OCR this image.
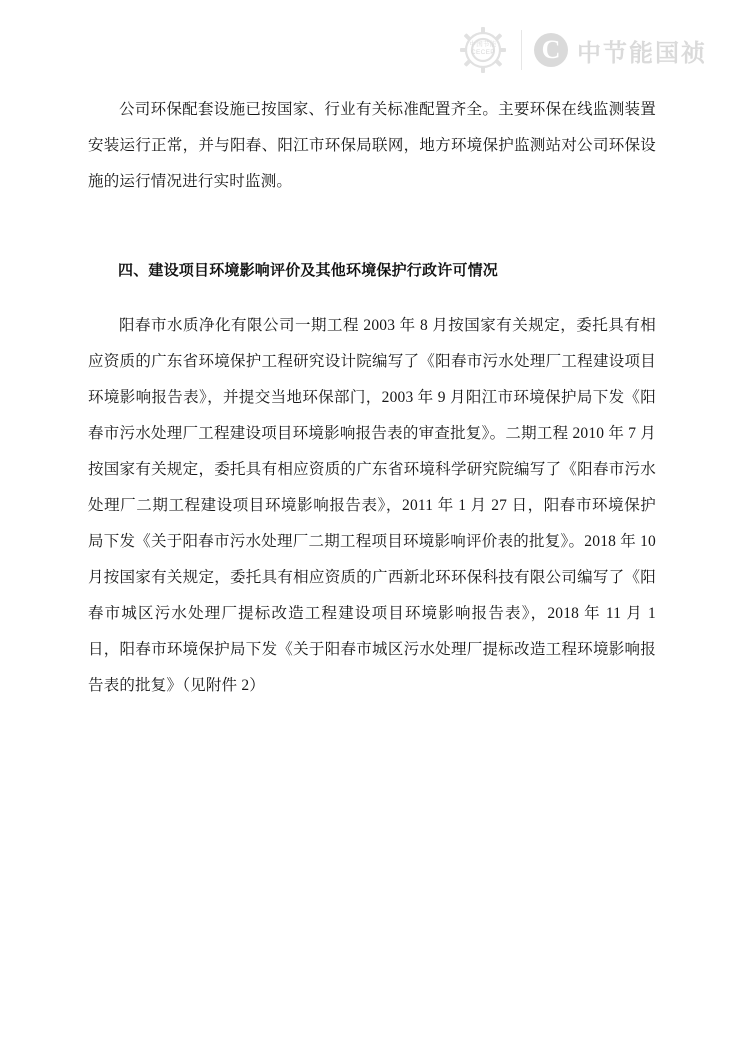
中国节能
CECEP	C 中节能国祯

公司环保配套设施已按国家、行业有关标准配置齐全。主要环保在线监测装置安装运行正常，并与阳春、阳江市环保局联网，地方环境保护监测站对公司环保设施的运行情况进行实时监测。

四、建设项目环境影响评价及其他环境保护行政许可情况

阳春市水质净化有限公司一期工程 2003 年 8 月按国家有关规定，委托具有相应资质的广东省环境保护工程研究设计院编写了《阳春市污水处理厂工程建设项目环境影响报告表》，并提交当地环保部门，2003 年 9 月阳江市环境保护局下发《阳春市污水处理厂工程建设项目环境影响报告表的审查批复》。二期工程 2010 年 7 月按国家有关规定，委托具有相应资质的广东省环境科学研究院编写了《阳春市污水处理厂二期工程建设项目环境影响报告表》，2011 年 1 月 27 日，阳春市环境保护局下发《关于阳春市污水处理厂二期工程项目环境影响评价表的批复》。2018 年 10 月按国家有关规定，委托具有相应资质的广西新北环环保科技有限公司编写了《阳春市城区污水处理厂提标改造工程建设项目环境影响报告表》，2018 年 11 月 1 日，阳春市环境保护局下发《关于阳春市城区污水处理厂提标改造工程环境影响报告表的批复》（见附件 2）
